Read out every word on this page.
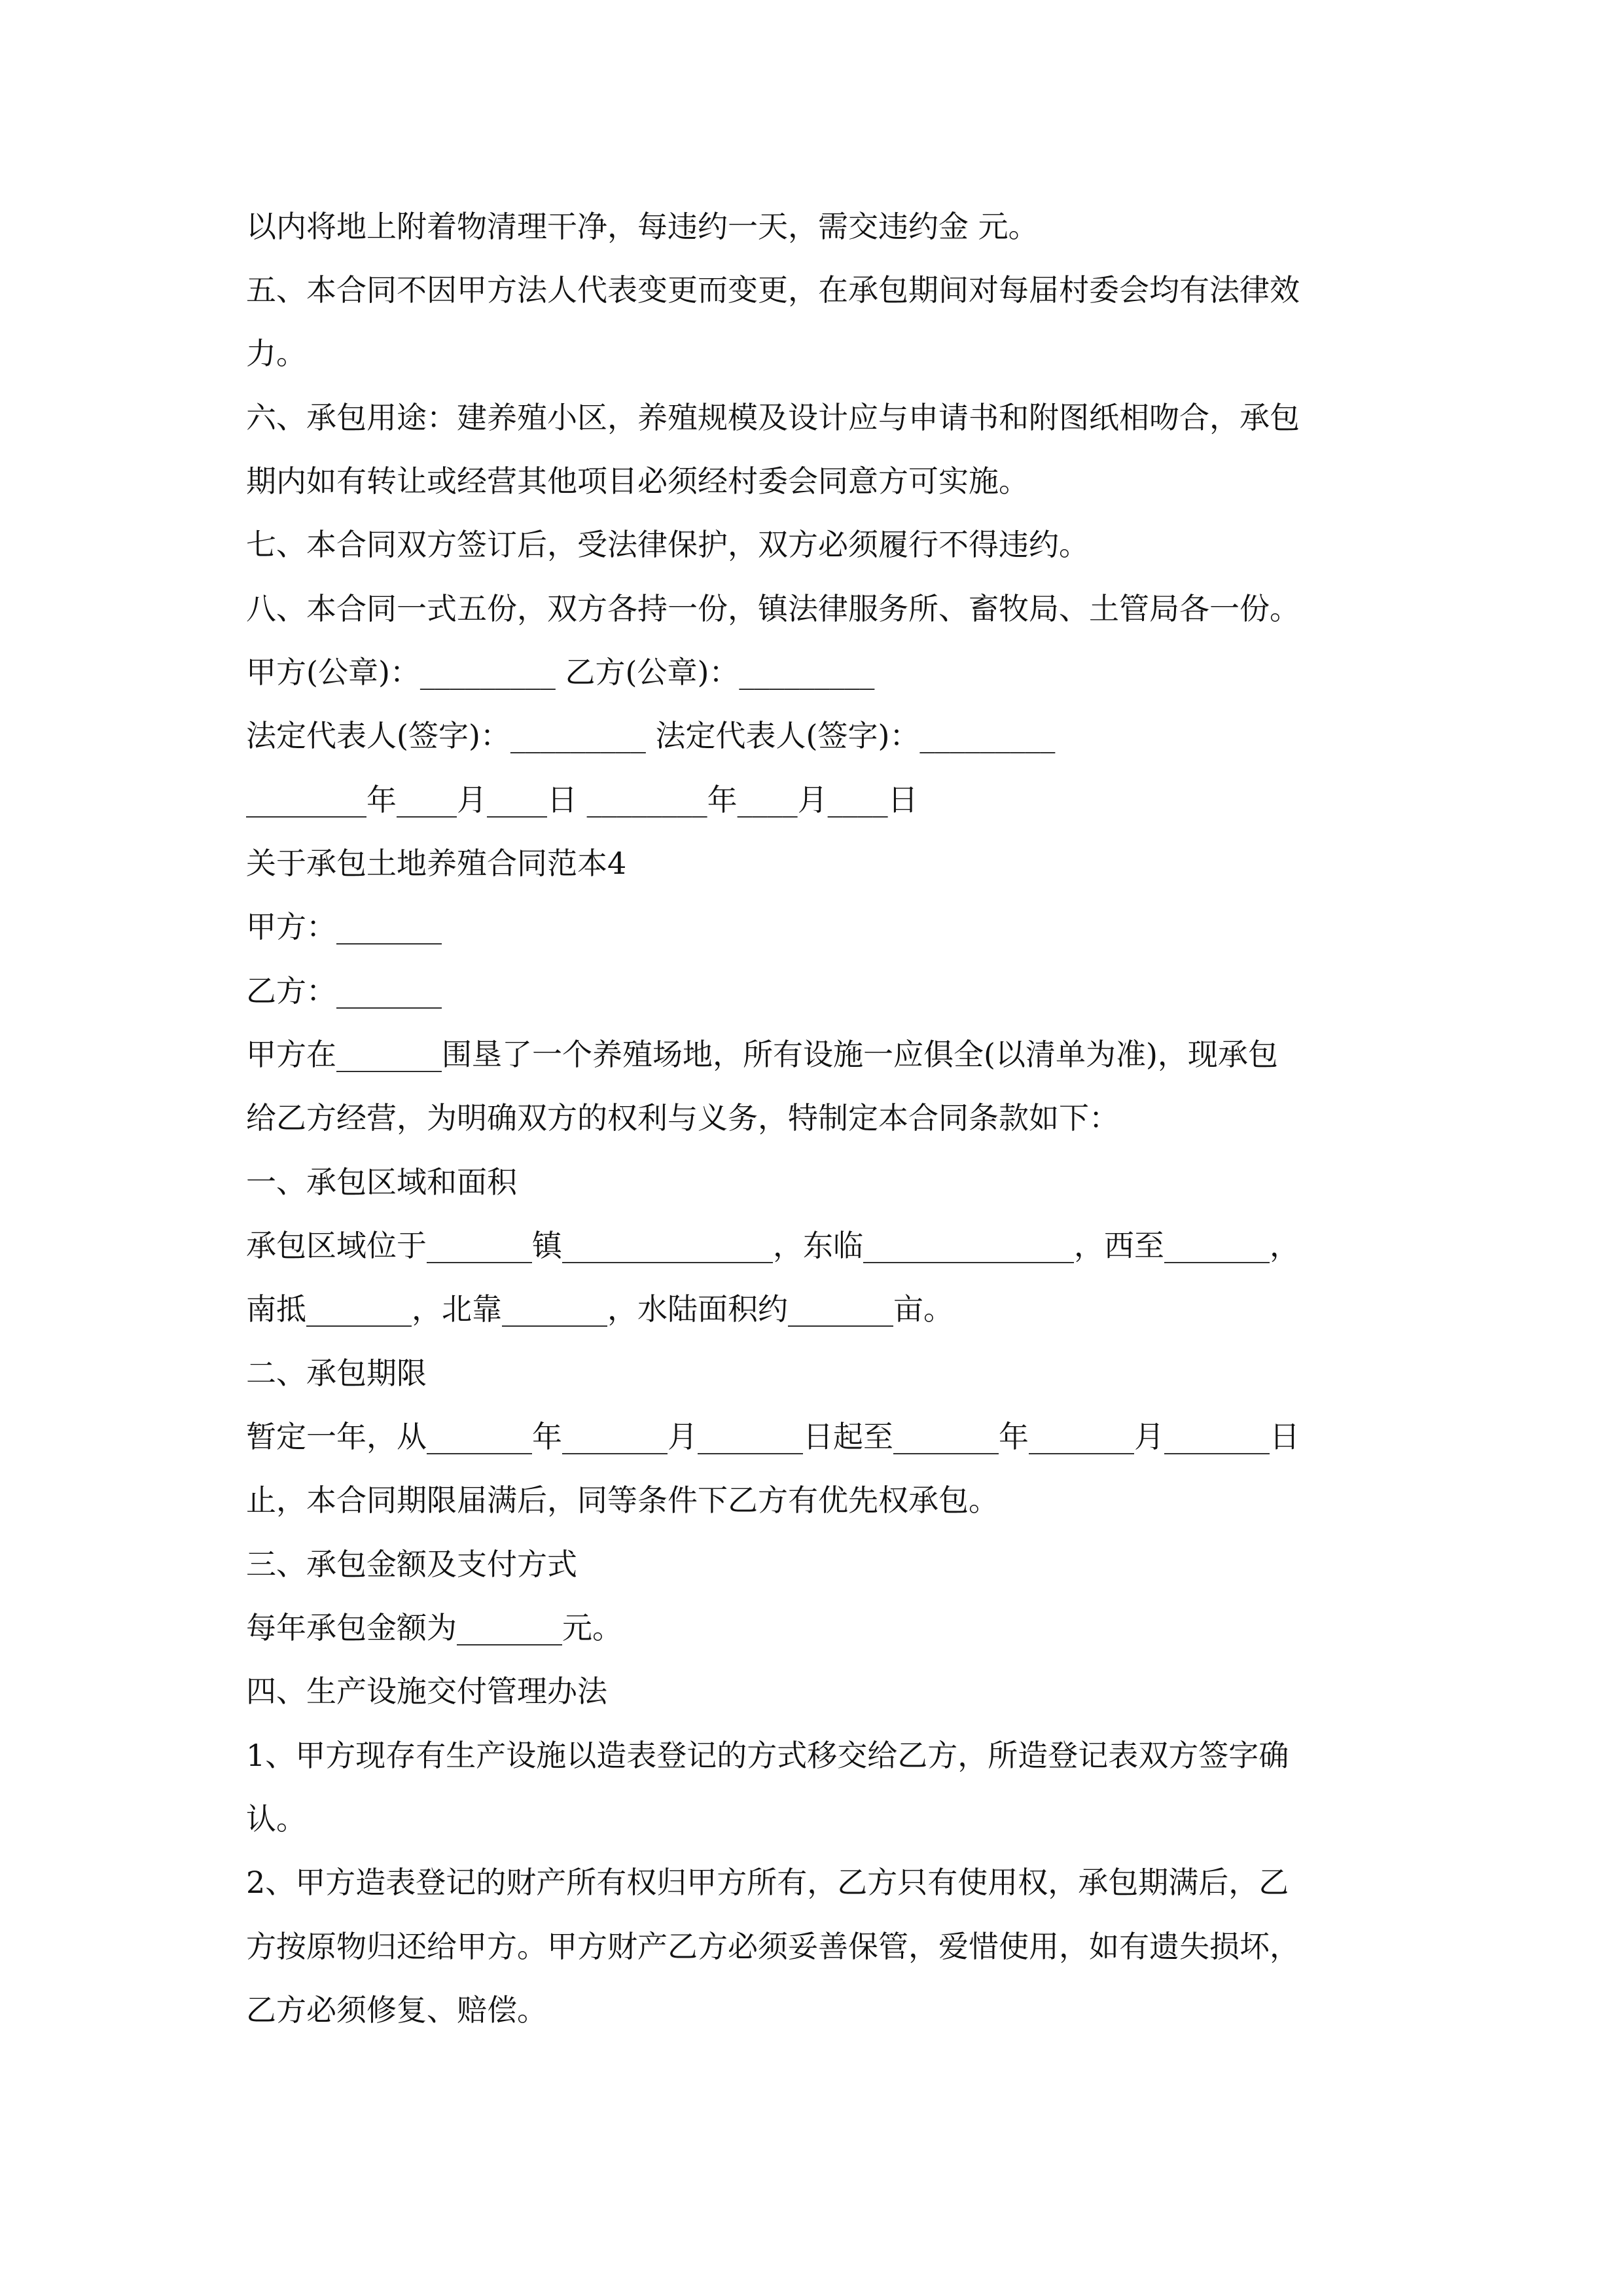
以内将地上附着物清理干净，每违约一天，需交违约金 元。
五、本合同不因甲方法人代表变更而变更，在承包期间对每届村委会均有法律效
力。
六、承包用途：建养殖小区，养殖规模及设计应与申请书和附图纸相吻合，承包
期内如有转让或经营其他项目必须经村委会同意方可实施。
七、本合同双方签订后，受法律保护，双方必须履行不得违约。
八、本合同一式五份，双方各持一份，镇法律服务所、畜牧局、土管局各一份。
甲方(公章)：_________ 乙方(公章)：_________
法定代表人(签字)：_________ 法定代表人(签字)：_________
________年____月____日 ________年____月____日
关于承包土地养殖合同范本4
甲方：_______
乙方：_______
甲方在_______围垦了一个养殖场地，所有设施一应俱全(以清单为准)，现承包
给乙方经营，为明确双方的权利与义务，特制定本合同条款如下：
一、承包区域和面积
承包区域位于_______镇______________，东临______________，西至_______，
南抵_______，北靠_______，水陆面积约_______亩。
二、承包期限
暂定一年，从_______年_______月_______日起至_______年_______月_______日
止，本合同期限届满后，同等条件下乙方有优先权承包。
三、承包金额及支付方式
每年承包金额为_______元。
四、生产设施交付管理办法
1、甲方现存有生产设施以造表登记的方式移交给乙方，所造登记表双方签字确
认。
2、甲方造表登记的财产所有权归甲方所有，乙方只有使用权，承包期满后，乙
方按原物归还给甲方。甲方财产乙方必须妥善保管，爱惜使用，如有遗失损坏，
乙方必须修复、赔偿。
